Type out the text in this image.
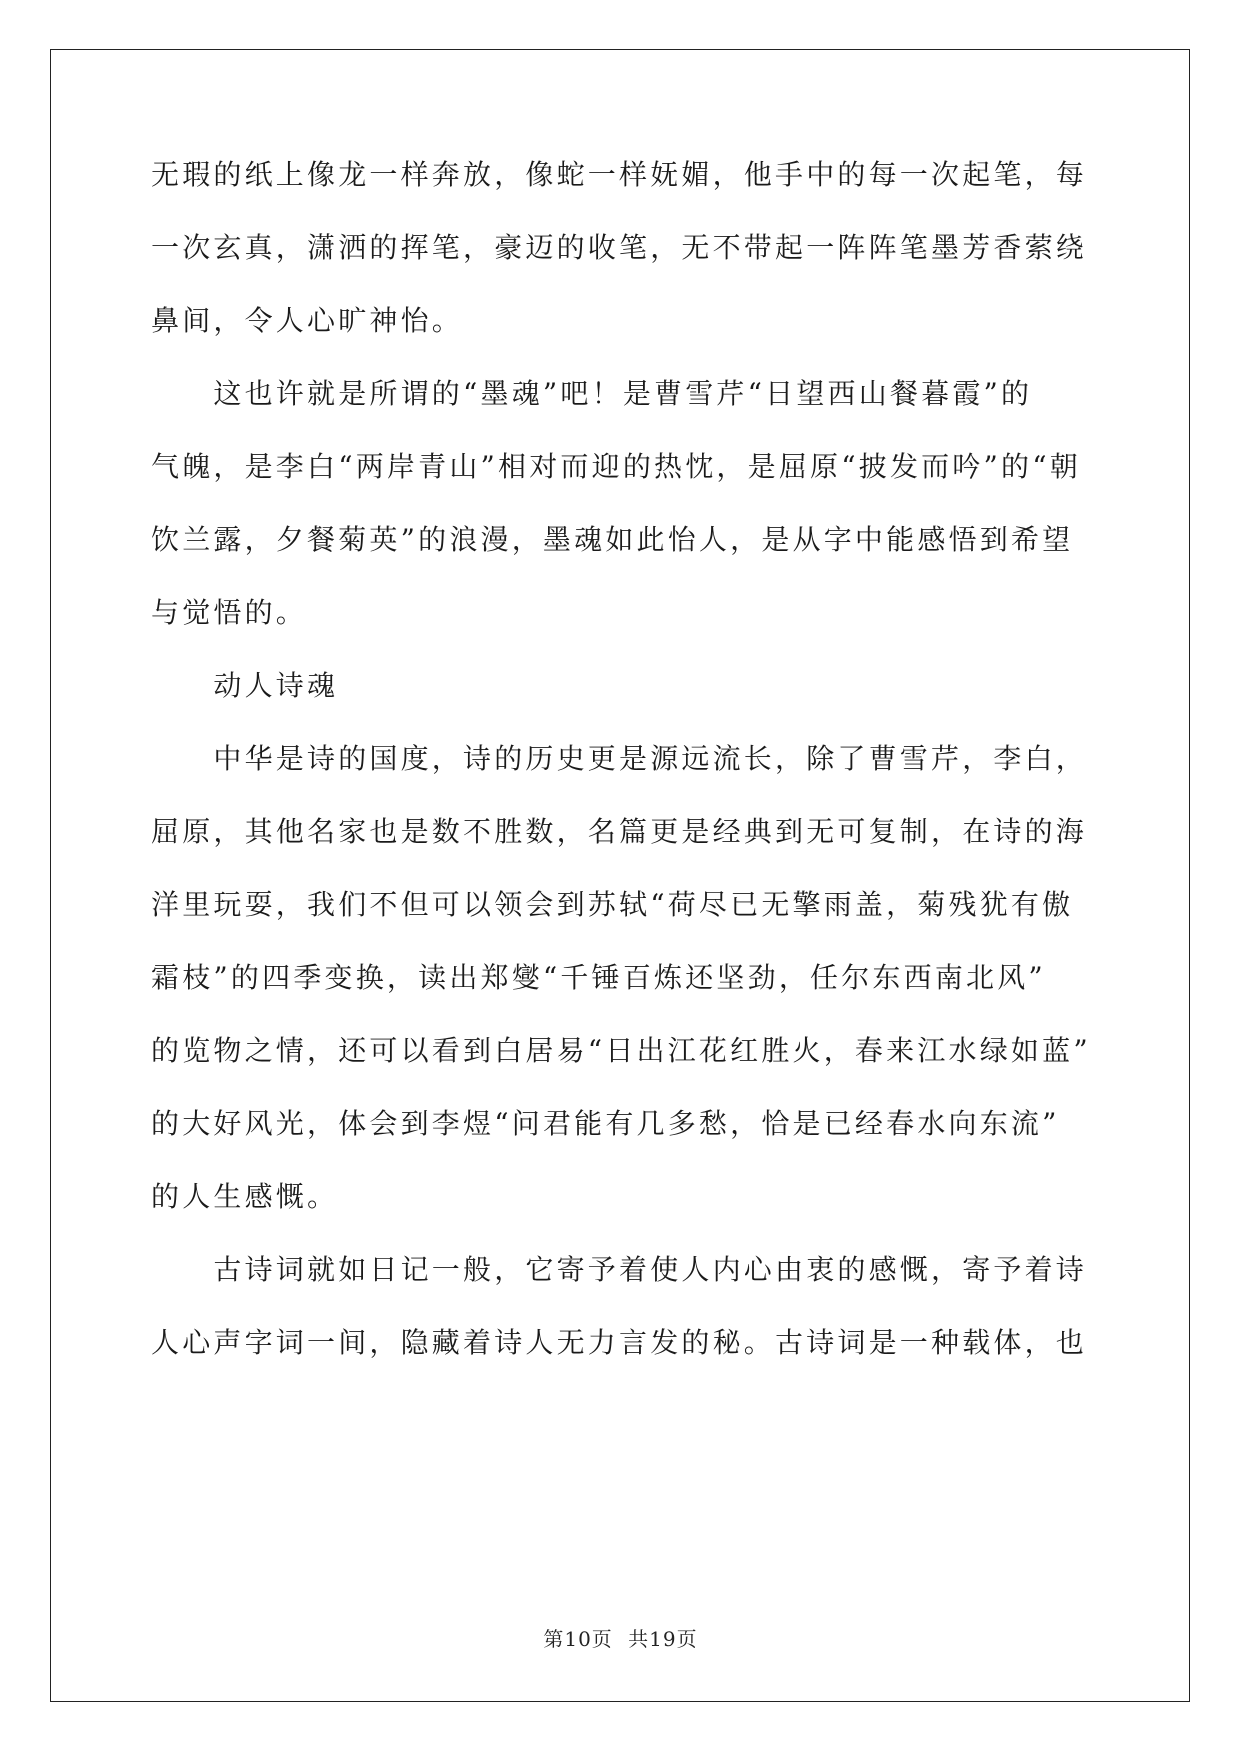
无瑕的纸上像龙一样奔放，像蛇一样妩媚，他手中的每一次起笔，每
一次玄真，潇洒的挥笔，豪迈的收笔，无不带起一阵阵笔墨芳香萦绕
鼻间，令人心旷神怡。
　　这也许就是所谓的“墨魂”吧！是曹雪芹“日望西山餐暮霞”的
气魄，是李白“两岸青山”相对而迎的热忱，是屈原“披发而吟”的“朝
饮兰露，夕餐菊英”的浪漫，墨魂如此怡人，是从字中能感悟到希望
与觉悟的。
　　动人诗魂
　　中华是诗的国度，诗的历史更是源远流长，除了曹雪芹，李白，
屈原，其他名家也是数不胜数，名篇更是经典到无可复制，在诗的海
洋里玩耍，我们不但可以领会到苏轼“荷尽已无擎雨盖，菊残犹有傲
霜枝”的四季变换，读出郑燮“千锤百炼还坚劲，任尔东西南北风”
的览物之情，还可以看到白居易“日出江花红胜火，春来江水绿如蓝”
的大好风光，体会到李煜“问君能有几多愁，恰是已经春水向东流”
的人生感慨。
　　古诗词就如日记一般，它寄予着使人内心由衷的感慨，寄予着诗
人心声字词一间，隐藏着诗人无力言发的秘。古诗词是一种载体，也
第10页 共19页
